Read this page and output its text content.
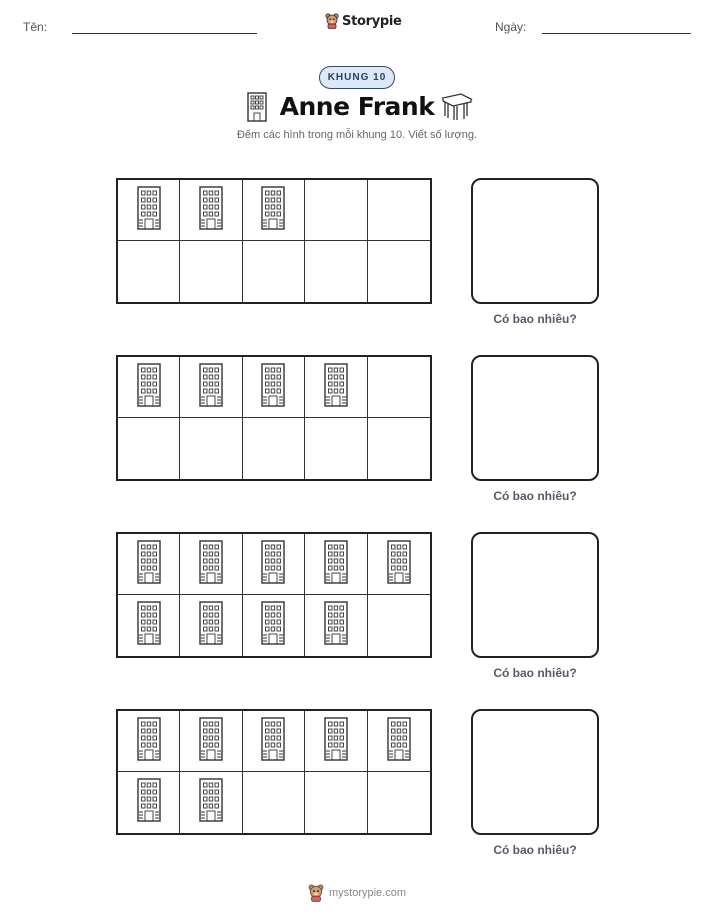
Tên:	Storypie	Ngày:
KHUNG 10
Anne Frank
Đếm các hình trong mỗi khung 10. Viết số lượng.
Có bao nhiêu?
Có bao nhiêu?
Có bao nhiêu?
Có bao nhiêu?
mystorypie.com
